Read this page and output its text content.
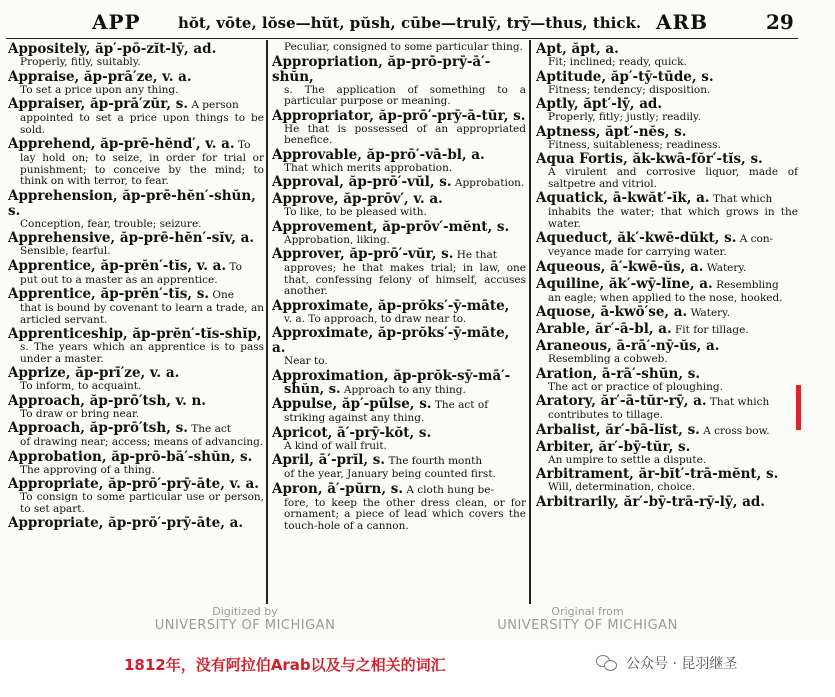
APP hŏt, vōte, lŏse—hŭt, pŭsh, cūbe—trulȳ, trȳ—thus, thick. ARB	29
Appositely, ăp′-pō-zĭt-lȳ, ad.
Properly, fitly, suitably.
Appraise, ăp-prā′ze, v. a.
To set a price upon any thing.
Appraiser, ăp-prā′zŭr, s. A person
appointed to set a price upon things to be sold.
Apprehend, ăp-prē-hĕnd′, v. a. To
lay hold on; to seize, in order for trial or punishment; to conceive by the mind; to think on with terror, to fear.
Apprehension, ăp-prē-hĕn′-shŭn, s.
Conception, fear, trouble; seizure.
Apprehensive, ăp-prē-hĕn′-sĭv, a.
Sensible, fearful.
Apprentice, ăp-prĕn′-tĭs, v. a. To
put out to a master as an apprentice.
Apprentice, ăp-prĕn′-tĭs, s. One
that is bound by covenant to learn a trade, an articled servant.
Apprenticeship, ăp-prĕn′-tĭs-shĭp,
s. The years which an apprentice is to pass under a master.
Apprize, ăp-prī′ze, v. a.
To inform, to acquaint.
Approach, ăp-prō′tsh, v. n.
To draw or bring near.
Approach, ăp-prō′tsh, s. The act
of drawing near; access; means of advancing.
Approbation, ăp-prō-bā′-shŭn, s.
The approving of a thing.
Appropriate, ăp-prō′-prȳ-āte, v. a.
To consign to some particular use or person, to set apart.
Appropriate, ăp-prō′-prȳ-āte, a.
Peculiar, consigned to some particular thing.
Appropriation, ăp-prō-prȳ-ā′-shŭn,
s. The application of something to a particular purpose or meaning.
Appropriator, ăp-prō′-prȳ-ā-tŭr, s.
He that is possessed of an appropriated benefice.
Approvable, ăp-prō′-vā-bl, a.
That which merits approbation.
Approval, ăp-prō′-vŭl, s. Approbation.
Approve, ăp-prōv′, v. a.
To like, to be pleased with.
Approvement, ăp-prōv′-mĕnt, s.
Approbation, liking.
Approver, ăp-prō′-vŭr, s. He that
approves; he that makes trial; in law, one that, confessing felony of himself, accuses another.
Approximate, ăp-prŏks′-ȳ-māte,
v. a. To approach, to draw near to.
Approximate, ăp-prŏks′-ȳ-māte, a.
Near to.
Approximation, ăp-prŏk-sȳ-mā′-
shŭn, s. Approach to any thing.
Appulse, ăp′-pŭlse, s. The act of
striking against any thing.
Apricot, ā′-prȳ-kŏt, s.
A kind of wall fruit.
April, ā′-prĭl, s. The fourth month
of the year, January being counted first.
Apron, ā′-pŭrn, s. A cloth hung be-
fore, to keep the other dress clean, or for ornament; a piece of lead which covers the touch-hole of a cannon.
Apt, ăpt, a.
Fit; inclined; ready, quick.
Aptitude, ăp′-tȳ-tūde, s.
Fitness; tendency; disposition.
Aptly, ăpt′-lȳ, ad.
Properly, fitly; justly; readily.
Aptness, ăpt′-nĕs, s.
Fitness, suitableness; readiness.
Aqua Fortis, ăk-kwā-fŏr′-tĭs, s.
A virulent and corrosive liquor, made of saltpetre and vitriol.
Aquatick, ā-kwăt′-ĭk, a. That which
inhabits the water; that which grows in the water.
Aqueduct, ăk′-kwē-dŭkt, s. A con-
veyance made for carrying water.
Aqueous, ā′-kwē-ŭs, a. Watery.
Aquiline, ăk′-wȳ-lĭne, a. Resembling
an eagle; when applied to the nose, hooked.
Aquose, ā-kwō′se, a. Watery.
Arable, ăr′-ā-bl, a. Fit for tillage.
Araneous, ā-rā′-nȳ-ŭs, a.
Resembling a cobweb.
Aration, ā-rā′-shŭn, s.
The act or practice of ploughing.
Aratory, ăr′-ā-tŭr-rȳ, a. That which
contributes to tillage.
Arbalist, ăr′-bā-lĭst, s. A cross bow.
Arbiter, ăr′-bȳ-tŭr, s.
An umpire to settle a dispute.
Arbitrament, ăr-bĭt′-trā-mĕnt, s.
Will, determination, choice.
Arbitrarily, ăr′-bȳ-trā-rȳ-lȳ, ad.
Digitized by
UNIVERSITY OF MICHIGAN
Original from
UNIVERSITY OF MICHIGAN
1812年，没有阿拉伯Arab以及与之相关的词汇	公众号 · 昆羽继圣
